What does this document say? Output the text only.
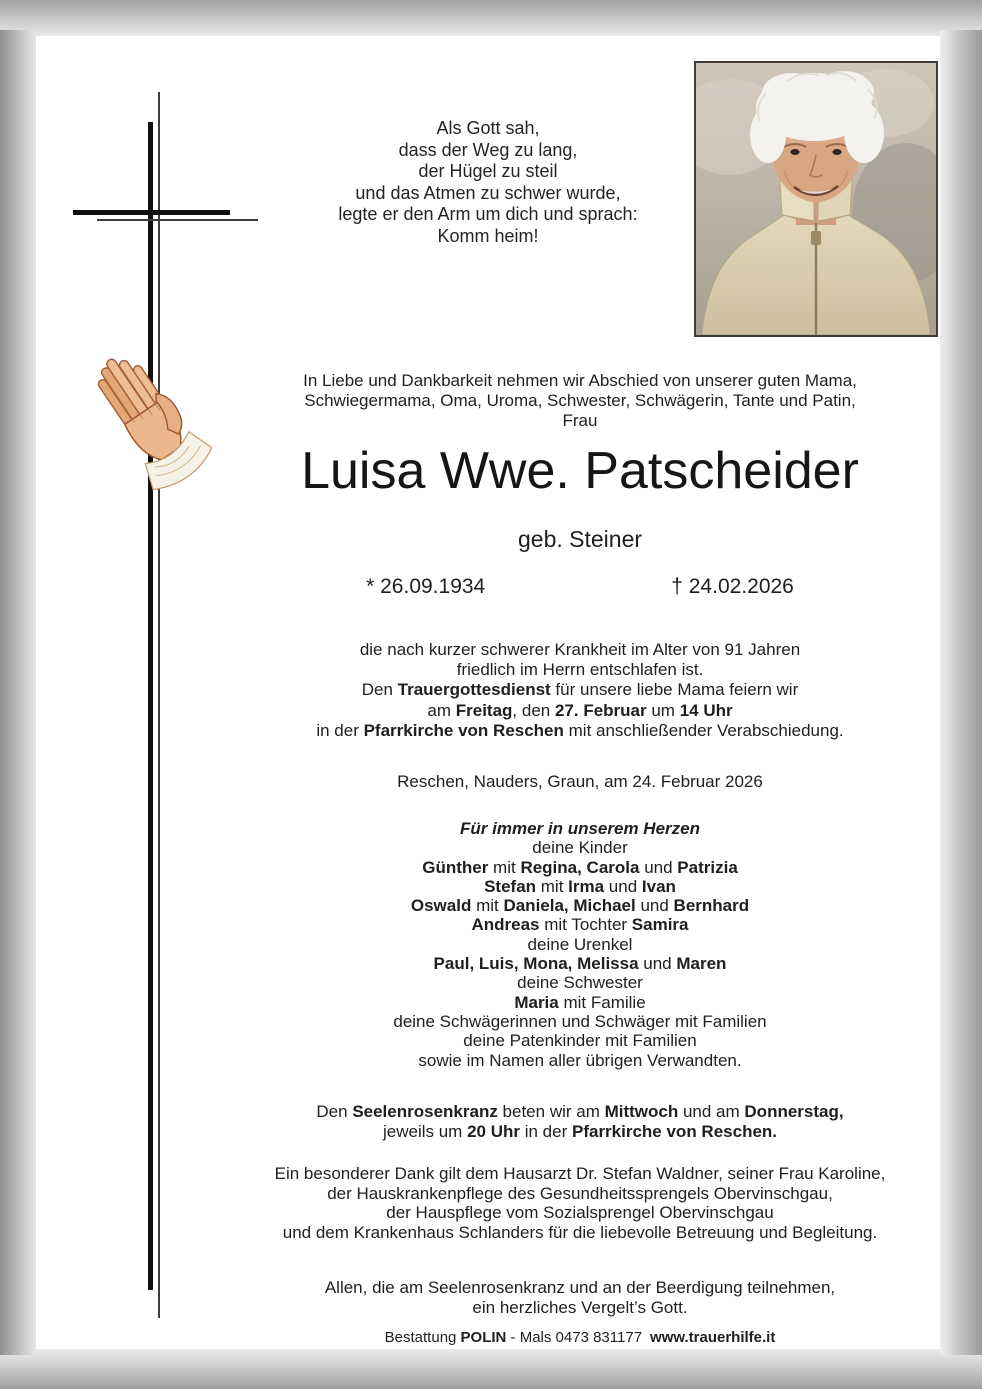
Als Gott sah,
dass der Weg zu lang,
der Hügel zu steil
und das Atmen zu schwer wurde,
legte er den Arm um dich und sprach:
Komm heim!
In Liebe und Dankbarkeit nehmen wir Abschied von unserer guten Mama,
Schwiegermama, Oma, Uroma, Schwester, Schwägerin, Tante und Patin,
Frau
Luisa Wwe. Patscheider
geb. Steiner
* 26.09.1934	† 24.02.2026
die nach kurzer schwerer Krankheit im Alter von 91 Jahren
friedlich im Herrn entschlafen ist.
Den Trauergottesdienst für unsere liebe Mama feiern wir
am Freitag, den 27. Februar um 14 Uhr
in der Pfarrkirche von Reschen mit anschließender Verabschiedung.
Reschen, Nauders, Graun, am 24. Februar 2026
Für immer in unserem Herzen
deine Kinder
Günther mit Regina, Carola und Patrizia
Stefan mit Irma und Ivan
Oswald mit Daniela, Michael und Bernhard
Andreas mit Tochter Samira
deine Urenkel
Paul, Luis, Mona, Melissa und Maren
deine Schwester
Maria mit Familie
deine Schwägerinnen und Schwäger mit Familien
deine Patenkinder mit Familien
sowie im Namen aller übrigen Verwandten.
Den Seelenrosenkranz beten wir am Mittwoch und am Donnerstag,
jeweils um 20 Uhr in der Pfarrkirche von Reschen.
Ein besonderer Dank gilt dem Hausarzt Dr. Stefan Waldner, seiner Frau Karoline,
der Hauskrankenpflege des Gesundheitssprengels Obervinschgau,
der Hauspflege vom Sozialsprengel Obervinschgau
und dem Krankenhaus Schlanders für die liebevolle Betreuung und Begleitung.
Allen, die am Seelenrosenkranz und an der Beerdigung teilnehmen,
ein herzliches Vergelt’s Gott.
Bestattung POLIN - Mals 0473 831177 www.trauerhilfe.it
